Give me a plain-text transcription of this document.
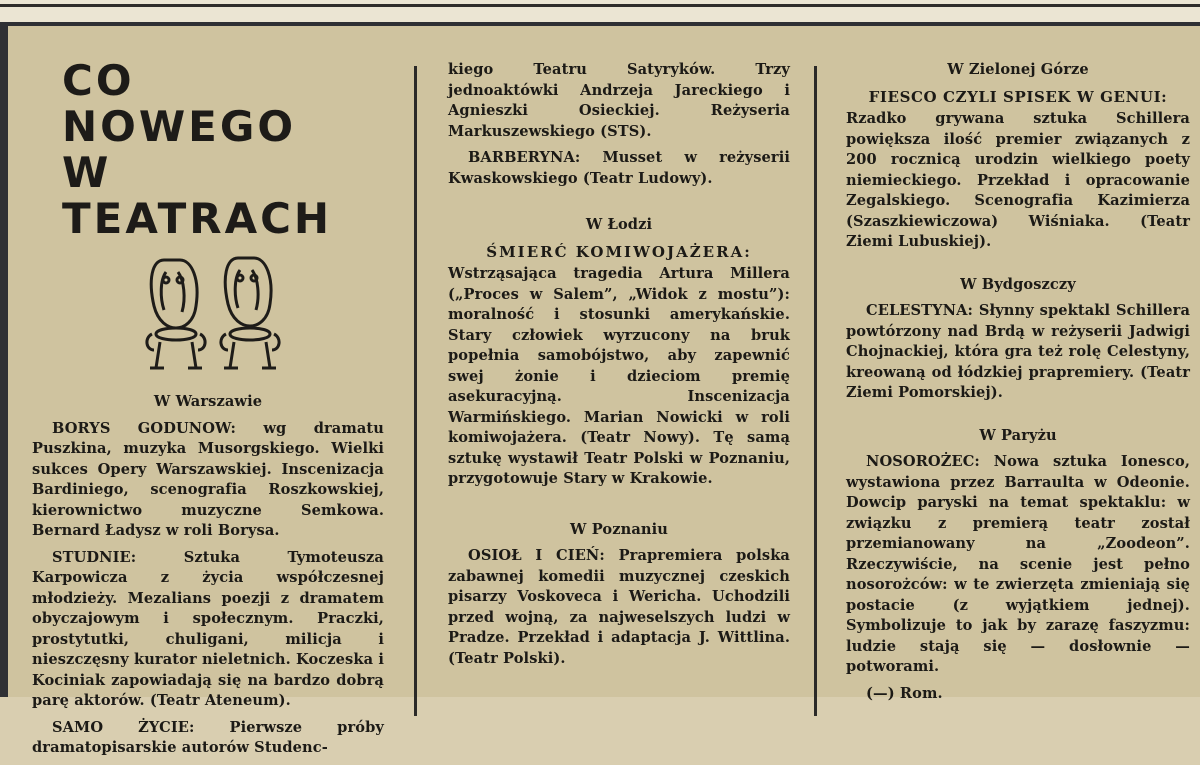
CO NOWEGO
W TEATRACH
W Warszawie

BORYS GODUNOW: wg dramatu Puszkina, muzyka Musorgskiego. Wielki sukces Opery Warszawskiej. Inscenizacja Bardiniego, scenografia Roszkowskiej, kierownictwo muzyczne Semkowa. Bernard Ładysz w roli Borysa.

STUDNIE: Sztuka Tymoteusza Karpowicza z życia współczesnej młodzieży. Mezalians poezji z dramatem obyczajowym i społecznym. Praczki, prostytutki, chuligani, milicja i nieszczęsny kurator nieletnich. Koczeska i Kociniak zapowiadają się na bardzo dobrą parę aktorów. (Teatr Ateneum).

SAMO ŻYCIE: Pierwsze próby dramatopisarskie autorów Studenc-

kiego Teatru Satyryków. Trzy jednoaktówki Andrzeja Jareckiego i Agnieszki Osieckiej. Reżyseria Markuszewskiego (STS).

BARBERYNA: Musset w reżyserii Kwaskowskiego (Teatr Ludowy).

W Łodzi
ŚMIERĆ KOMIWOJAŻERA:

Wstrząsająca tragedia Artura Millera („Proces w Salem”, „Widok z mostu”): moralność i stosunki amerykańskie. Stary człowiek wyrzucony na bruk popełnia samobójstwo, aby zapewnić swej żonie i dzieciom premię asekuracyjną. Inscenizacja Warmińskiego. Marian Nowicki w roli komiwojażera. (Teatr Nowy). Tę samą sztukę wystawił Teatr Polski w Poznaniu, przygotowuje Stary w Krakowie.

W Poznaniu

OSIOŁ I CIEŃ: Prapremiera polska zabawnej komedii muzycznej czeskich pisarzy Voskoveca i Wericha. Uchodzili przed wojną, za najweselszych ludzi w Pradze. Przekład i adaptacja J. Wittlina. (Teatr Polski).

W Zielonej Górze
FIESCO CZYLI SPISEK W GENUI:

Rzadko grywana sztuka Schillera powiększa ilość premier związanych z 200 rocznicą urodzin wielkiego poety niemieckiego. Przekład i opracowanie Zegalskiego. Scenografia Kazimierza (Szaszkiewiczowa) Wiśniaka. (Teatr Ziemi Lubuskiej).

W Bydgoszczy

CELESTYNA: Słynny spektakl Schillera powtórzony nad Brdą w reżyserii Jadwigi Chojnackiej, która gra też rolę Celestyny, kreowaną od łódzkiej prapremiery. (Teatr Ziemi Pomorskiej).

W Paryżu

NOSOROŻEC: Nowa sztuka Ionesco, wystawiona przez Barraulta w Odeonie. Dowcip paryski na temat spektaklu: w związku z premierą teatr został przemianowany na „Zoodeon”. Rzeczywiście, na scenie jest pełno nosorożców: w te zwierzęta zmieniają się postacie (z wyjątkiem jednej). Symbolizuje to jak by zarazę faszyzmu: ludzie stają się — dosłownie — potworami.

(—) Rom.
